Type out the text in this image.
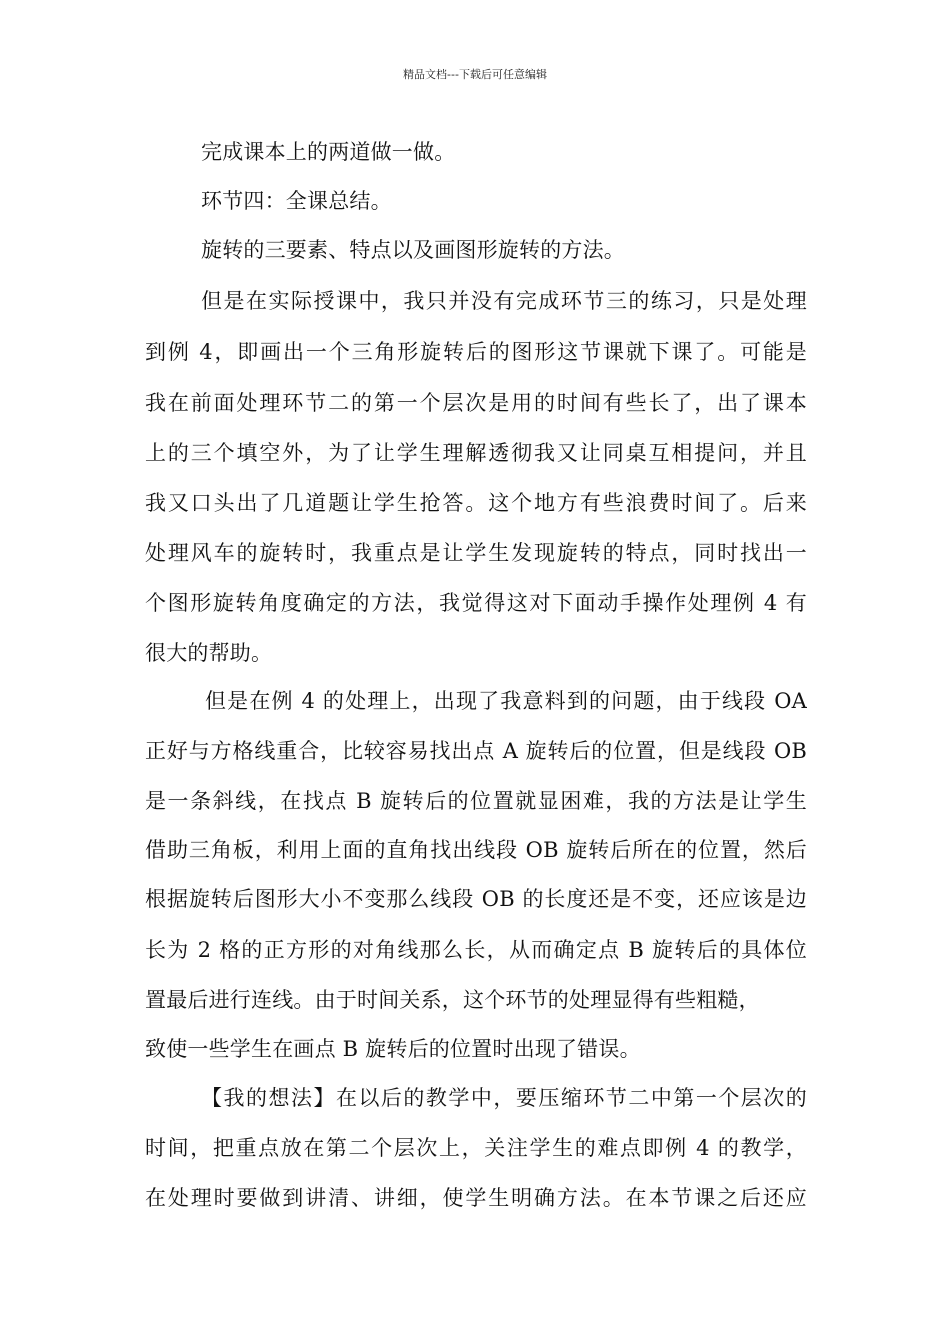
精品文档---下载后可任意编辑
完成课本上的两道做一做。
环节四：全课总结。
旋转的三要素、特点以及画图形旋转的方法。
但是在实际授课中，我只并没有完成环节三的练习，只是处理
到例 4，即画出一个三角形旋转后的图形这节课就下课了。可能是
我在前面处理环节二的第一个层次是用的时间有些长了，出了课本
上的三个填空外，为了让学生理解透彻我又让同桌互相提问，并且
我又口头出了几道题让学生抢答。这个地方有些浪费时间了。后来
处理风车的旋转时，我重点是让学生发现旋转的特点，同时找出一
个图形旋转角度确定的方法，我觉得这对下面动手操作处理例 4 有
很大的帮助。
但是在例 4 的处理上，出现了我意料到的问题，由于线段 OA
正好与方格线重合，比较容易找出点 A 旋转后的位置，但是线段 OB
是一条斜线，在找点 B 旋转后的位置就显困难，我的方法是让学生
借助三角板，利用上面的直角找出线段 OB 旋转后所在的位置，然后
根据旋转后图形大小不变那么线段 OB 的长度还是不变，还应该是边
长为 2 格的正方形的对角线那么长，从而确定点 B 旋转后的具体位
置最后进行连线。由于时间关系，这个环节的处理显得有些粗糙，
致使一些学生在画点 B 旋转后的位置时出现了错误。
【我的想法】在以后的教学中，要压缩环节二中第一个层次的
时间，把重点放在第二个层次上，关注学生的难点即例 4 的教学，
在处理时要做到讲清、讲细，使学生明确方法。在本节课之后还应
